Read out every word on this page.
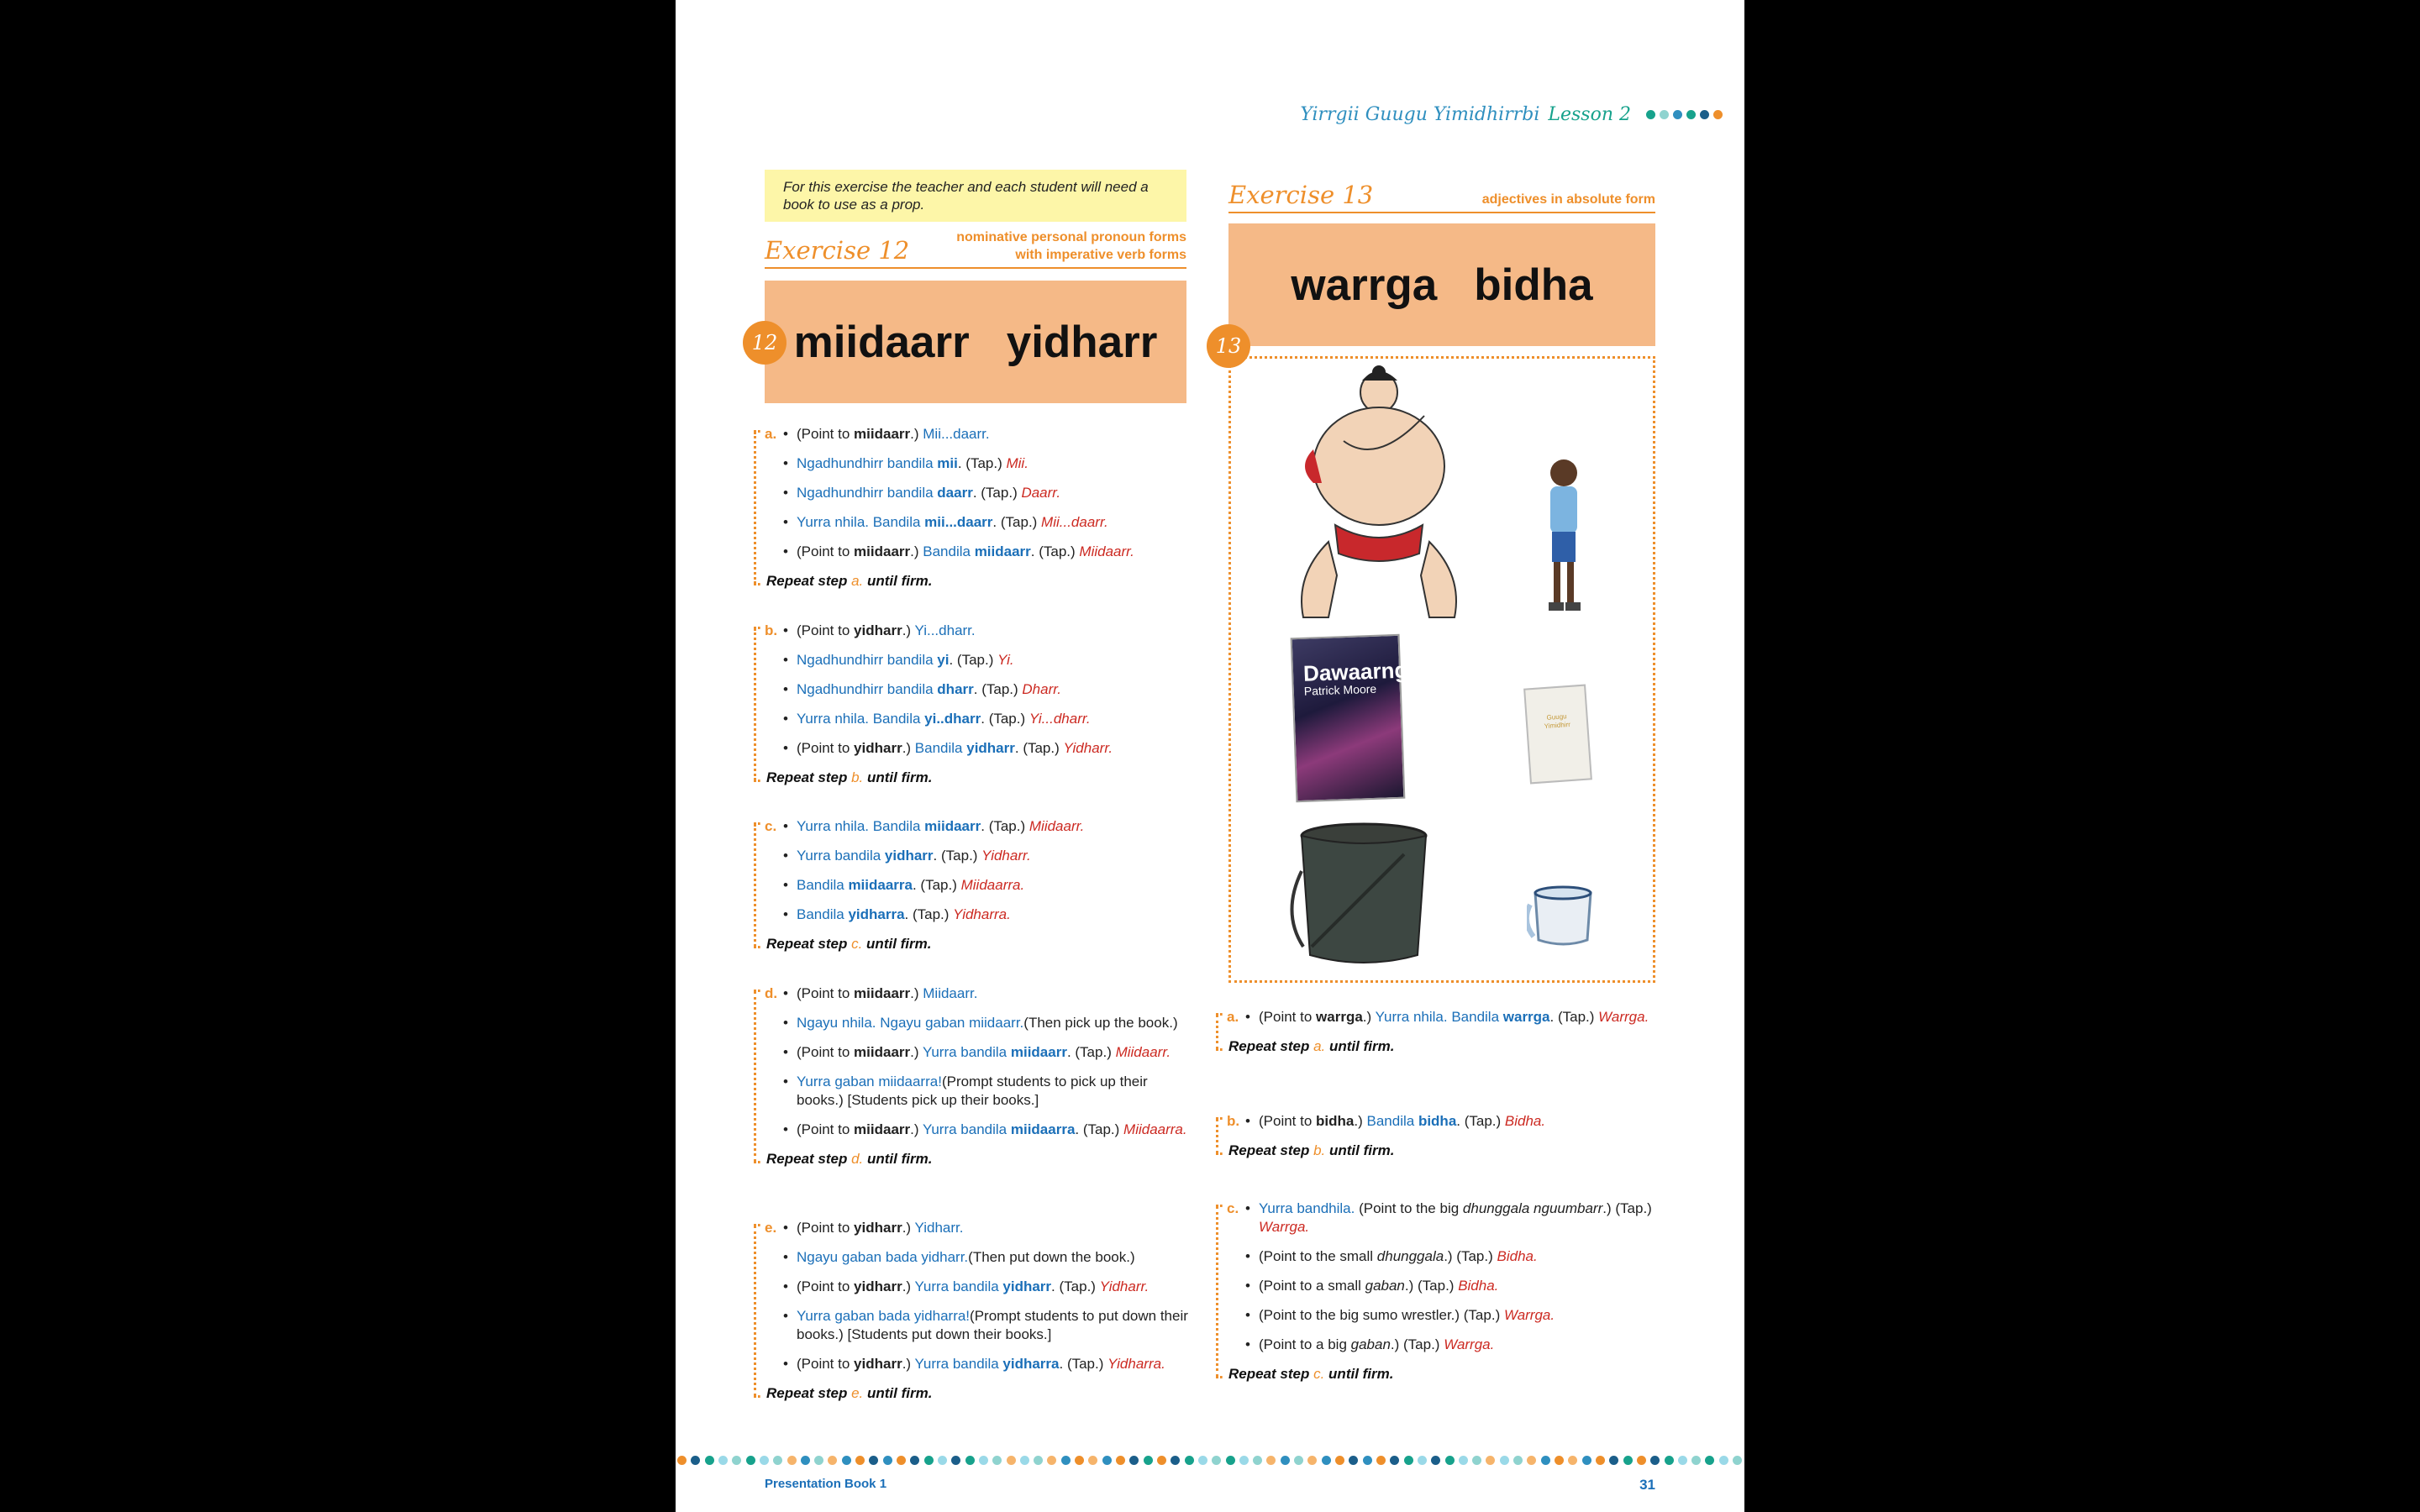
Yirrgii Guugu Yimidhirrbi Lesson 2
For this exercise the teacher and each student will need a book to use as a prop.
Exercise 12	nominative personal pronoun forms
with imperative verb forms
miidaarr yidharr
12
a.	• (Point to miidaarr.) Mii...daarr.
• Ngadhundhirr bandila mii. (Tap.) Mii.
• Ngadhundhirr bandila daarr. (Tap.) Daarr.
• Yurra nhila. Bandila mii...daarr. (Tap.) Mii...daarr.
• (Point to miidaarr.) Bandila miidaarr. (Tap.) Miidaarr.
Repeat step a. until firm.
b.	• (Point to yidharr.) Yi...dharr.
• Ngadhundhirr bandila yi. (Tap.) Yi.
• Ngadhundhirr bandila dharr. (Tap.) Dharr.
• Yurra nhila. Bandila yi..dharr. (Tap.) Yi...dharr.
• (Point to yidharr.) Bandila yidharr. (Tap.) Yidharr.
Repeat step b. until firm.
c.	• Yurra nhila. Bandila miidaarr. (Tap.) Miidaarr.
• Yurra bandila yidharr. (Tap.) Yidharr.
• Bandila miidaarra. (Tap.) Miidaarra.
• Bandila yidharra. (Tap.) Yidharra.
Repeat step c. until firm.
d.	• (Point to miidaarr.) Miidaarr.
• Ngayu nhila. Ngayu gaban miidaarr.(Then pick up the book.)
• (Point to miidaarr.) Yurra bandila miidaarr. (Tap.) Miidaarr.
• Yurra gaban miidaarra!(Prompt students to pick up their books.) [Students pick up their books.]
• (Point to miidaarr.) Yurra bandila miidaarra. (Tap.) Miidaarra.
Repeat step d. until firm.
e.	• (Point to yidharr.) Yidharr.
• Ngayu gaban bada yidharr.(Then put down the book.)
• (Point to yidharr.) Yurra bandila yidharr. (Tap.) Yidharr.
• Yurra gaban bada yidharra!(Prompt students to put down their books.) [Students put down their books.]
• (Point to yidharr.) Yurra bandila yidharra. (Tap.) Yidharra.
Repeat step e. until firm.
Exercise 13	adjectives in absolute form
warrga bidha
13
Dawaarngay
Patrick Moore
Guugu Yimidhirr
a.	• (Point to warrga.) Yurra nhila. Bandila warrga. (Tap.) Warrga.
Repeat step a. until firm.
b.	• (Point to bidha.) Bandila bidha. (Tap.) Bidha.
Repeat step b. until firm.
c.	• Yurra bandhila. (Point to the big dhunggala nguumbarr.) (Tap.) Warrga.
• (Point to the small dhunggala.) (Tap.) Bidha.
• (Point to a small gaban.) (Tap.) Bidha.
• (Point to the big sumo wrestler.) (Tap.) Warrga.
• (Point to a big gaban.) (Tap.) Warrga.
Repeat step c. until firm.
Presentation Book 1	31
